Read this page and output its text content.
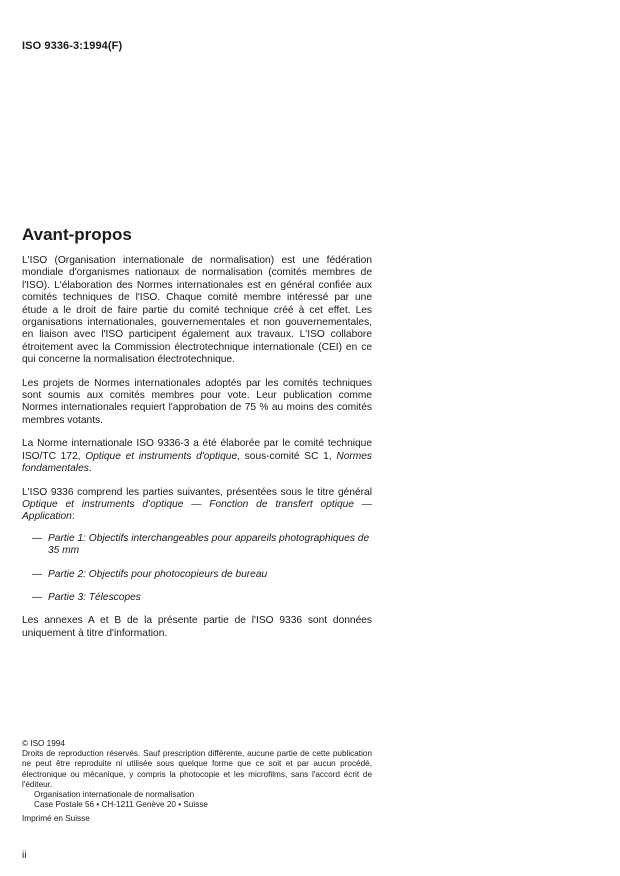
ISO 9336-3:1994(F)
Avant-propos

L'ISO (Organisation internationale de normalisation) est une fédération mondiale d'organismes nationaux de normalisation (comités membres de l'ISO). L'élaboration des Normes internationales est en général confiée aux comités techniques de l'ISO. Chaque comité membre intéressé par une étude a le droit de faire partie du comité technique créé à cet effet. Les organisations internationales, gouvernementales et non gouvernementales, en liaison avec l'ISO participent également aux travaux. L'ISO collabore étroitement avec la Commission électrotechnique internationale (CEI) en ce qui concerne la normalisation électrotechnique.

Les projets de Normes internationales adoptés par les comités techniques sont soumis aux comités membres pour vote. Leur publication comme Normes internationales requiert l'approbation de 75 % au moins des comités membres votants.

La Norme internationale ISO 9336-3 a été élaborée par le comité technique ISO/TC 172, Optique et instruments d'optique, sous-comité SC 1, Normes fondamentales.

L'ISO 9336 comprend les parties suivantes, présentées sous le titre général Optique et instruments d'optique — Fonction de transfert optique — Application:

— Partie 1: Objectifs interchangeables pour appareils photographiques de 35 mm
— Partie 2: Objectifs pour photocopieurs de bureau
— Partie 3: Télescopes

Les annexes A et B de la présente partie de l'ISO 9336 sont données uniquement à titre d'information.

© ISO 1994

Droits de reproduction réservés. Sauf prescription différente, aucune partie de cette publication ne peut être reproduite ni utilisée sous quelque forme que ce soit et par aucun procédé, électronique ou mécanique, y compris la photocopie et les microfilms, sans l'accord écrit de l'éditeur.

Organisation internationale de normalisation

Case Postale 56 • CH-1211 Genève 20 • Suisse

Imprimé en Suisse

ii
